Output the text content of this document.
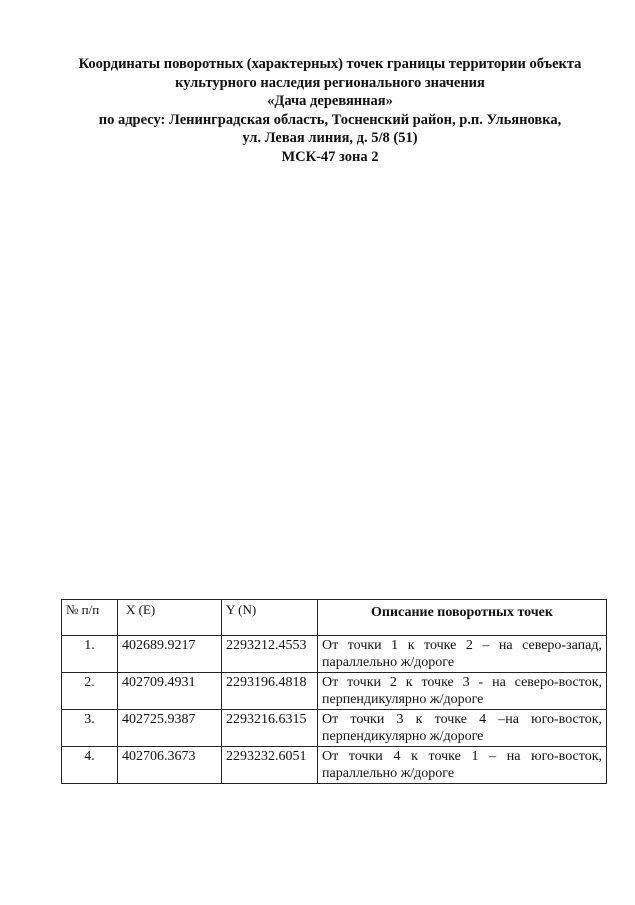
Координаты поворотных (характерных) точек границы территории объекта
культурного наследия регионального значения
«Дача деревянная»
по адресу: Ленинградская область, Тосненский район, р.п. Ульяновка,
ул. Левая линия, д. 5/8 (51)
МСК-47 зона 2
№ п/п	X (E)	Y (N)	Описание поворотных точек
1.	402689.9217	2293212.4553	От точки 1 к точке 2 – на северо-запад, параллельно ж/дороге
2.	402709.4931	2293196.4818	От точки 2 к точке 3 - на северо-восток, перпендикулярно ж/дороге
3.	402725.9387	2293216.6315	От точки 3 к точке 4 –на юго-восток, перпендикулярно ж/дороге
4.	402706.3673	2293232.6051	От точки 4 к точке 1 – на юго-восток, параллельно ж/дороге
